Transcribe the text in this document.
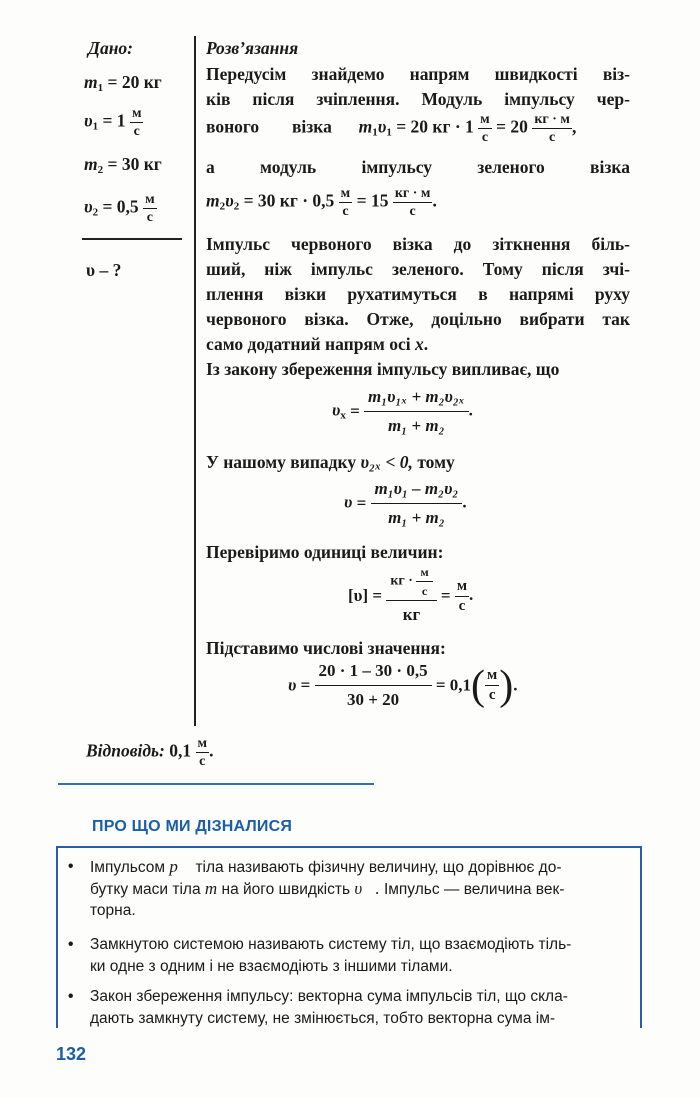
Дано:
$m_1 = 20$ кг
$\upsilon_1 = 1 \frac{м}{с}$
$m_2 = 30$ кг
$\upsilon_2 = 0,5 \frac{м}{с}$
υ – ?
Розв’язання
Передусім знайдемо напрям швидкості віз-
ків після зчіплення. Модуль імпульсу чер-
воного візка $m_1\upsilon_1 = 20$ кг · $1 \frac{м}{с} = 20 \frac{кг \cdot м}{с}$ ,
а	модуль	імпульсу	зеленого	візка
$m_2\upsilon_2 = 30$ кг · $0,5 \frac{м}{с} = 15 \frac{кг \cdot м}{с}$ .
Імпульс червоного візка до зіткнення біль-
ший, ніж імпульс зеленого. Тому після зчі-
плення візки рухатимуться в напрямі руху
червоного візка. Отже, доцільно вибрати так
само додатний напрям осі x.
Із закону збереження імпульсу випливає, що
$\upsilon_x = \frac{\text{m₁υ₁ₓ + m₂υ₂ₓ}}{\text{m₁ + m₂}}$ .
У нашому випадку υ₂ₓ < 0, тому
$\upsilon = \frac{\text{m₁υ₁ – m₂υ₂}}{\text{m₁ + m₂}}$ .
Перевіримо одиниці величин:
$[\upsilon] = \frac{кг \cdot \frac{м}{с}}{кг} = \frac{м}{с}$ .
Підставимо числові значення:
$\upsilon = \frac{20 \cdot 1 - 30 \cdot 0,5}{30 + 20} = 0,1( \frac{м}{с}$ ).
Відповідь: $0,1 \frac{м}{с}$ .
ПРО ЩО МИ ДІЗНАЛИСЯ
• Імпульсом p⃗ тіла називають фізичну величину, що дорівнює до-
бутку маси тіла m на його швидкість υ⃗. Імпульс — величина век-
торна.
• Замкнутою системою називають систему тіл, що взаємодіють тіль-
ки одне з одним і не взаємодіють з іншими тілами.
• Закон збереження імпульсу: векторна сума імпульсів тіл, що скла-
дають замкнуту систему, не змінюється, тобто векторна сума ім-
132
